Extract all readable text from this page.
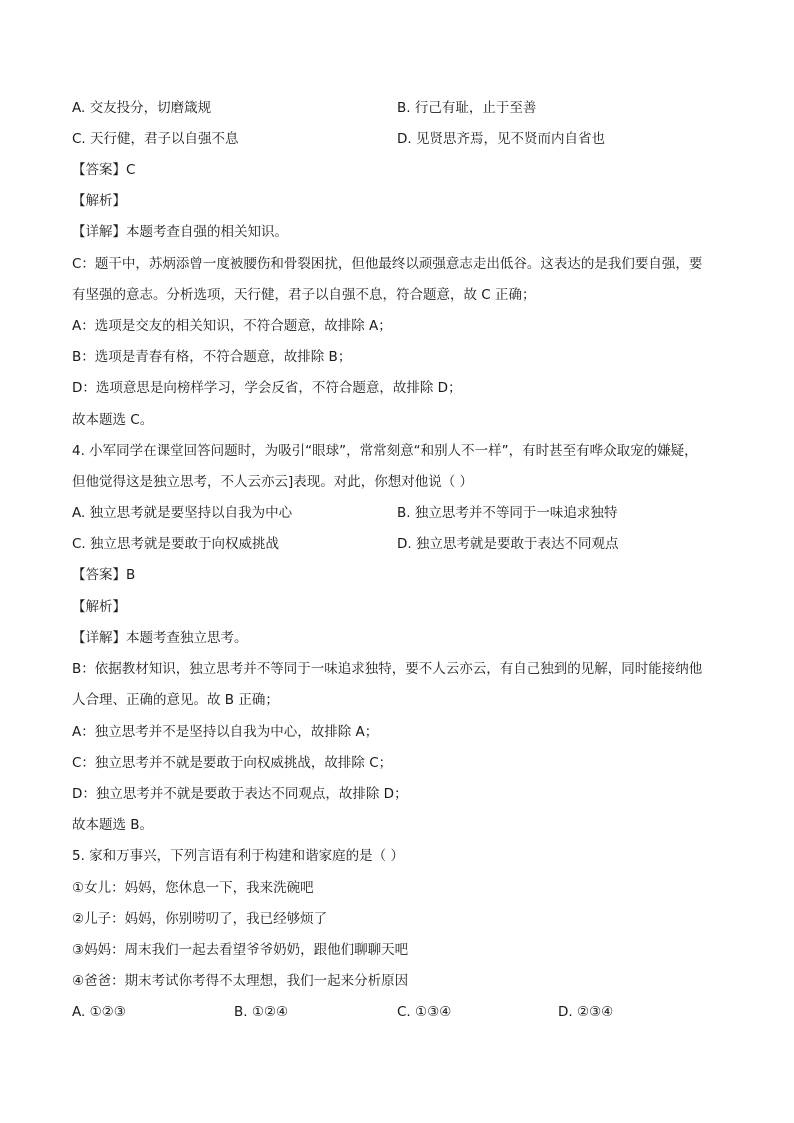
A. 交友投分，切磨箴规	B. 行己有耻，止于至善
C. 天行健，君子以自强不息	D. 见贤思齐焉，见不贤而内自省也
【答案】C
【解析】
【详解】本题考查自强的相关知识。
C：题干中，苏炳添曾一度被腰伤和骨裂困扰，但他最终以顽强意志走出低谷。这表达的是我们要自强，要
有坚强的意志。分析选项，天行健，君子以自强不息，符合题意，故 C 正确；
A：选项是交友的相关知识，不符合题意，故排除 A；
B：选项是青春有格，不符合题意，故排除 B；
D：选项意思是向榜样学习，学会反省，不符合题意，故排除 D；
故本题选 C。
4. 小军同学在课堂回答问题时，为吸引“眼球”，常常刻意“和别人不一样”，有时甚至有哗众取宠的嫌疑，
但他觉得这是独立思考，不人云亦云]表现。对此，你想对他说（ ）
A. 独立思考就是要坚持以自我为中心	B. 独立思考并不等同于一味追求独特
C. 独立思考就是要敢于向权威挑战	D. 独立思考就是要敢于表达不同观点
【答案】B
【解析】
【详解】本题考查独立思考。
B：依据教材知识，独立思考并不等同于一味追求独特，要不人云亦云，有自己独到的见解，同时能接纳他
人合理、正确的意见。故 B 正确；
A：独立思考并不是坚持以自我为中心，故排除 A；
C：独立思考并不就是要敢于向权威挑战，故排除 C；
D：独立思考并不就是要敢于表达不同观点，故排除 D；
故本题选 B。
5. 家和万事兴，下列言语有利于构建和谐家庭的是（ ）
①女儿：妈妈，您休息一下，我来洗碗吧
②儿子：妈妈，你别唠叨了，我已经够烦了
③妈妈：周末我们一起去看望爷爷奶奶，跟他们聊聊天吧
④爸爸：期末考试你考得不太理想，我们一起来分析原因
A. ①②③	B. ①②④	C. ①③④	D. ②③④
